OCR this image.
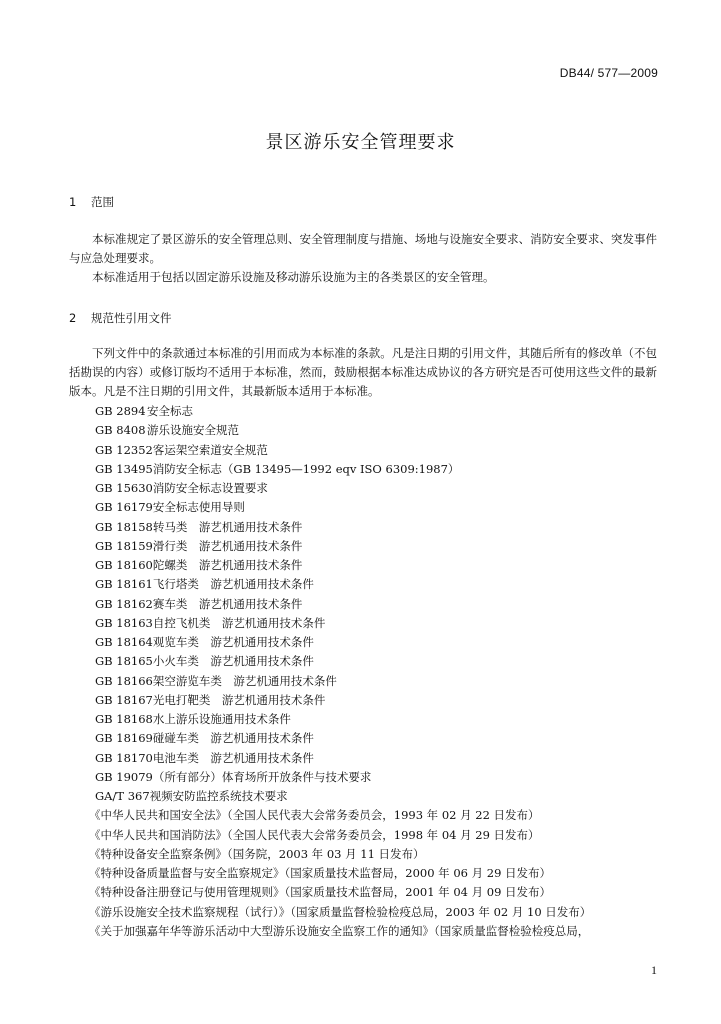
DB44/ 577—2009
景区游乐安全管理要求
1 范围

本标准规定了景区游乐的安全管理总则、安全管理制度与措施、场地与设施安全要求、消防安全要求、突发事件与应急处理要求。

本标准适用于包括以固定游乐设施及移动游乐设施为主的各类景区的安全管理。

2 规范性引用文件

下列文件中的条款通过本标准的引用而成为本标准的条款。凡是注日期的引用文件，其随后所有的修改单（不包括勘误的内容）或修订版均不适用于本标准，然而，鼓励根据本标准达成协议的各方研究是否可使用这些文件的最新版本。凡是不注日期的引用文件，其最新版本适用于本标准。

GB 2894安全标志
GB 8408游乐设施安全规范
GB 12352客运架空索道安全规范
GB 13495消防安全标志（GB 13495—1992 eqv ISO 6309:1987）
GB 15630消防安全标志设置要求
GB 16179安全标志使用导则
GB 18158转马类　游艺机通用技术条件
GB 18159滑行类　游艺机通用技术条件
GB 18160陀螺类　游艺机通用技术条件
GB 18161飞行塔类　游艺机通用技术条件
GB 18162赛车类　游艺机通用技术条件
GB 18163自控飞机类　游艺机通用技术条件
GB 18164观览车类　游艺机通用技术条件
GB 18165小火车类　游艺机通用技术条件
GB 18166架空游览车类　游艺机通用技术条件
GB 18167光电打靶类　游艺机通用技术条件
GB 18168水上游乐设施通用技术条件
GB 18169碰碰车类　游艺机通用技术条件
GB 18170电池车类　游艺机通用技术条件
GB 19079（所有部分）体育场所开放条件与技术要求
GA/T 367视频安防监控系统技术要求
《中华人民共和国安全法》（全国人民代表大会常务委员会，1993 年 02 月 22 日发布）
《中华人民共和国消防法》（全国人民代表大会常务委员会，1998 年 04 月 29 日发布）
《特种设备安全监察条例》（国务院，2003 年 03 月 11 日发布）
《特种设备质量监督与安全监察规定》（国家质量技术监督局，2000 年 06 月 29 日发布）
《特种设备注册登记与使用管理规则》（国家质量技术监督局，2001 年 04 月 09 日发布）
《游乐设施安全技术监察规程（试行）》（国家质量监督检验检疫总局，2003 年 02 月 10 日发布）
《关于加强嘉年华等游乐活动中大型游乐设施安全监察工作的通知》（国家质量监督检验检疫总局，
1
